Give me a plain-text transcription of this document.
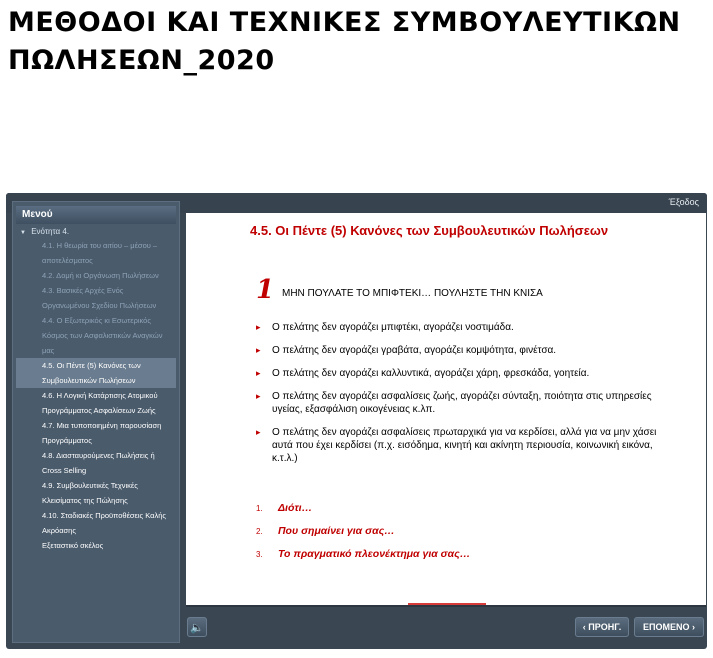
ΜΕΘΟΔΟΙ ΚΑΙ ΤΕΧΝΙΚΕΣ ΣΥΜΒΟΥΛΕΥΤΙΚΩΝ
ΠΩΛΗΣΕΩΝ_2020
Έξοδος
Μενού
▼ Ενότητα 4.
4.1. Η θεωρία του αιτίου – μέσου – αποτελέσματος
4.2. Δομή κι Οργάνωση Πωλήσεων
4.3. Βασικές Αρχές Ενός Οργανωμένου Σχεδίου Πωλήσεων
4.4. Ο Εξωτερικός κι Εσωτερικός Κόσμος των Ασφαλιστικών Αναγκών μας
4.5. Οι Πέντε (5) Κανόνες των Συμβουλευτικών Πωλήσεων
4.6. Η Λογική Κατάρτισης Ατομικού Προγράμματος Ασφαλίσεων Ζωής
4.7. Μια τυποποιημένη παρουσίαση Προγράμματος
4.8. Διασταυρούμενες Πωλήσεις ή Cross Selling
4.9. Συμβουλευτικές Τεχνικές Κλεισίματος της Πώλησης
4.10. Σταδιακές Προϋποθέσεις Καλής Ακρόασης
Εξεταστικό σκέλος
4.5. Οι Πέντε (5) Κανόνες των Συμβουλευτικών Πωλήσεων
1 ΜΗΝ ΠΟΥΛΑΤΕ ΤΟ ΜΠΙΦΤΕΚΙ… ΠΟΥΛΗΣΤΕ ΤΗΝ ΚΝΙΣΑ
▸ Ο πελάτης δεν αγοράζει μπιφτέκι, αγοράζει νοστιμάδα.
▸ Ο πελάτης δεν αγοράζει γραβάτα, αγοράζει κομψότητα, φινέτσα.
▸ Ο πελάτης δεν αγοράζει καλλυντικά, αγοράζει χάρη, φρεσκάδα, γοητεία.
▸ Ο πελάτης δεν αγοράζει ασφαλίσεις ζωής, αγοράζει σύνταξη, ποιότητα στις υπηρεσίες υγείας, εξασφάλιση οικογένειας κ.λπ.
▸ Ο πελάτης δεν αγοράζει ασφαλίσεις πρωταρχικά για να κερδίσει, αλλά για να μην χάσει αυτά που έχει κερδίσει (π.χ. εισόδημα, κινητή και ακίνητη περιουσία, κοινωνική εικόνα, κ.τ.λ.)
1. Διότι…
2. Που σημαίνει για σας…
3. Το πραγματικό πλεονέκτημα για σας…
🔈	‹ ΠΡΟΗΓ.	ΕΠΟΜΕΝΟ ›
